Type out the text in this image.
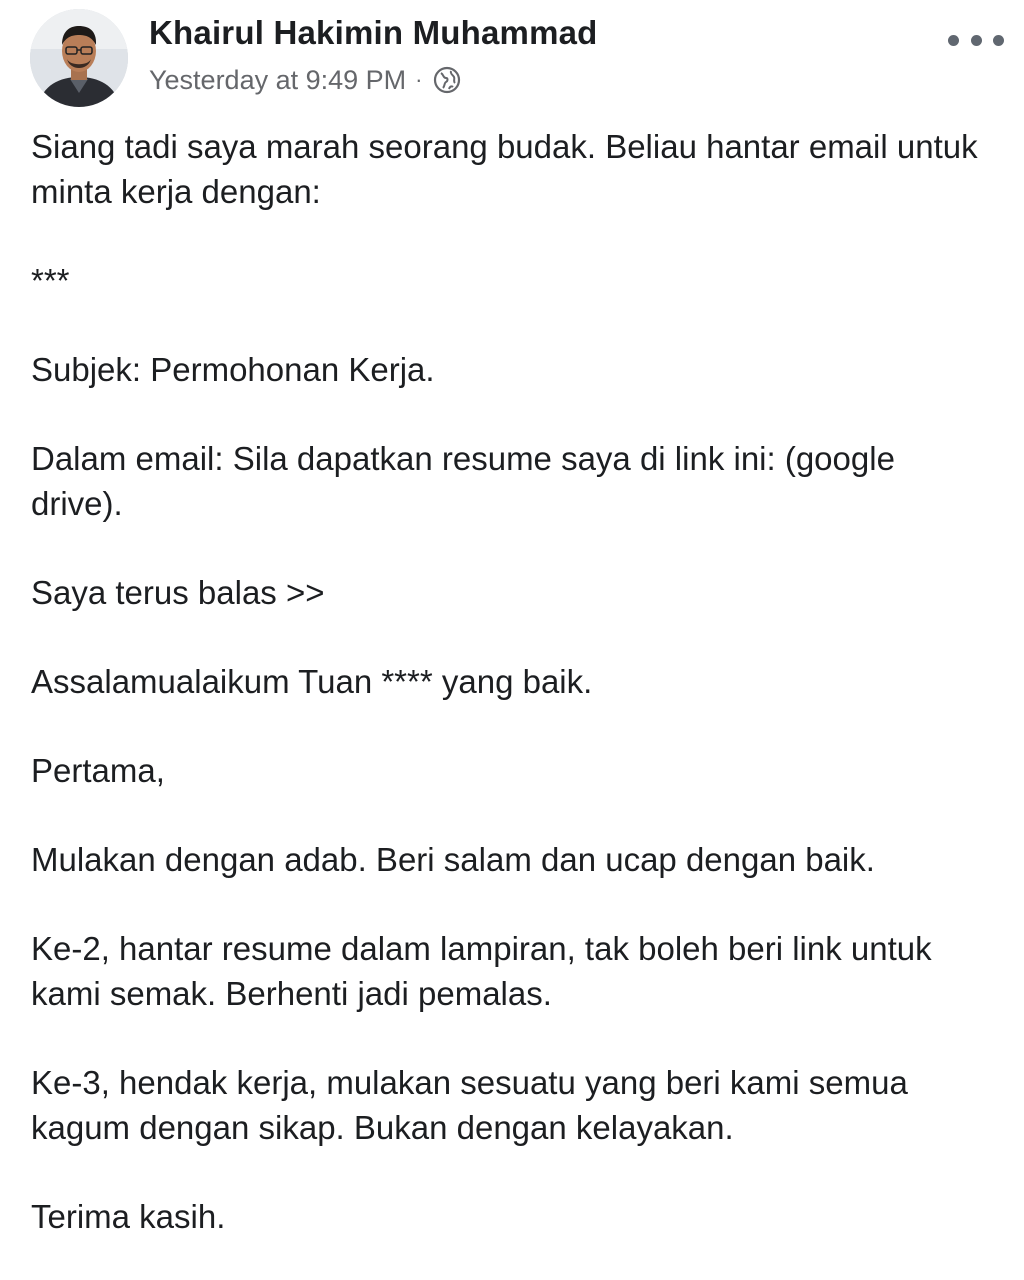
Khairul Hakimin Muhammad
Yesterday at 9:49 PM ·

Siang tadi saya marah seorang budak. Beliau hantar email untuk minta kerja dengan:

***

Subjek: Permohonan Kerja.

Dalam email: Sila dapatkan resume saya di link ini: (google drive).

Saya terus balas >>

Assalamualaikum Tuan **** yang baik.

Pertama,

Mulakan dengan adab. Beri salam dan ucap dengan baik.

Ke-2, hantar resume dalam lampiran, tak boleh beri link untuk kami semak. Berhenti jadi pemalas.

Ke-3, hendak kerja, mulakan sesuatu yang beri kami semua kagum dengan sikap. Bukan dengan kelayakan.

Terima kasih.
